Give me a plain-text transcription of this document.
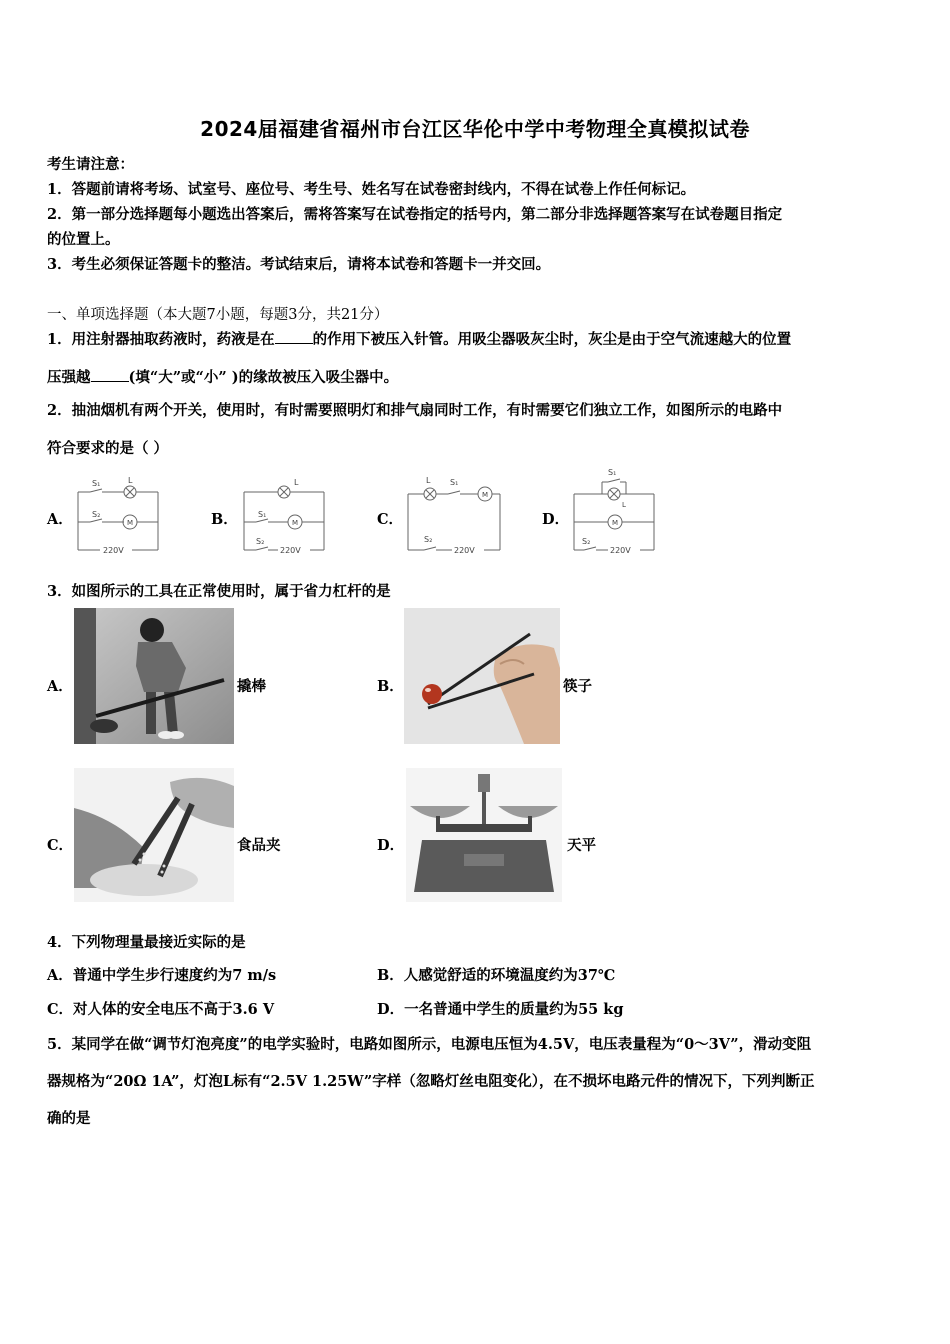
2024届福建省福州市台江区华伦中学中考物理全真模拟试卷
考生请注意：
1．答题前请将考场、试室号、座位号、考生号、姓名写在试卷密封线内，不得在试卷上作任何标记。
2．第一部分选择题每小题选出答案后，需将答案写在试卷指定的括号内，第二部分非选择题答案写在试卷题目指定
的位置上。
3．考生必须保证答题卡的整洁。考试结束后，请将本试卷和答题卡一并交回。
一、单项选择题（本大题7小题，每题3分，共21分）
1．用注射器抽取药液时，药液是在	的作用下被压入针管。用吸尘器吸灰尘时，灰尘是由于空气流速越大的位置
压强越	(填“大”或“小” )的缘故被压入吸尘器中。
2．抽油烟机有两个开关，使用时，有时需要照明灯和排气扇同时工作，有时需要它们独立工作，如图所示的电路中
符合要求的是（ ）
A．
S₁	L
S₂
M
220V
B．
L
S₁
M
S₂
220V
C．
L S₁
M
S₂
220V
D．
S₁
L
M
S₂
220V
3．如图所示的工具在正常使用时，属于省力杠杆的是
A．	撬棒	B．	筷子
C．	食品夹	D．	天平
4．下列物理量最接近实际的是
A．普通中学生步行速度约为7 m/s	B．人感觉舒适的环境温度约为37℃
C．对人体的安全电压不高于3.6 V	D．一名普通中学生的质量约为55 kg
5．某同学在做“调节灯泡亮度”的电学实验时，电路如图所示，电源电压恒为4.5V，电压表量程为“0～3V”，滑动变阻
器规格为“20Ω 1A”，灯泡L标有“2.5V 1.25W”字样（忽略灯丝电阻变化），在不损坏电路元件的情况下，下列判断正
确的是
